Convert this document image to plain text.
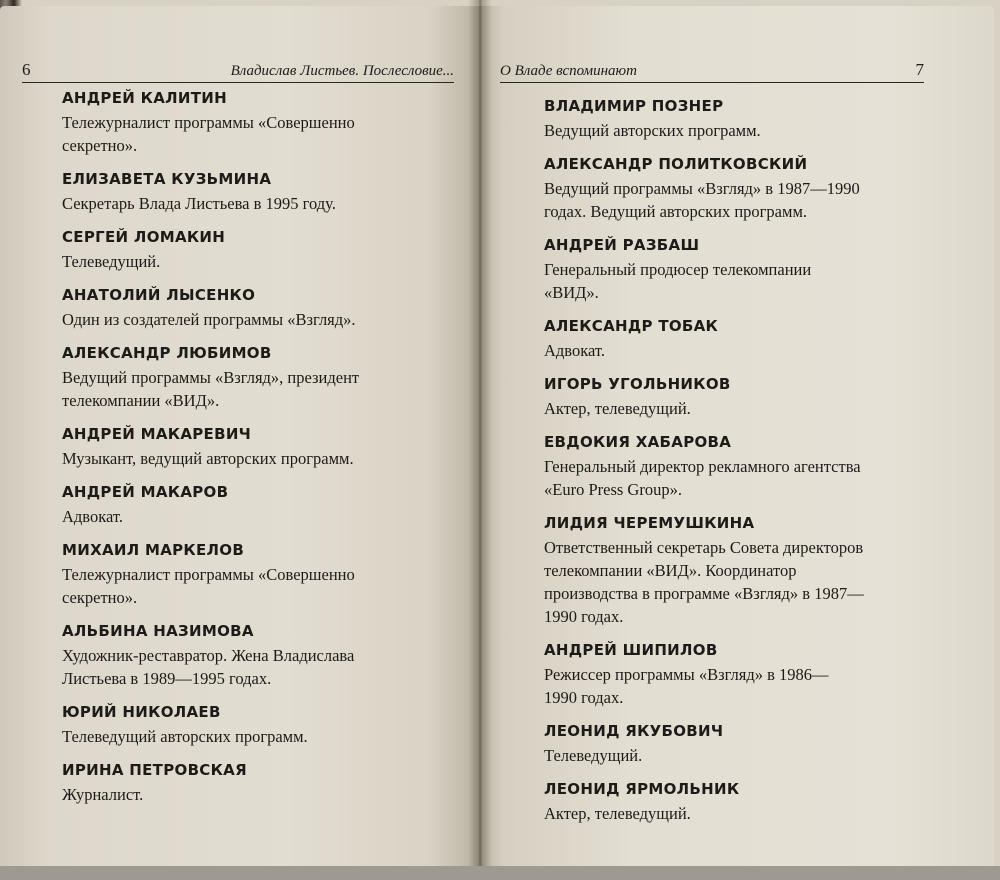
6	Владислав Листьев. Послесловие...
АНДРЕЙ КАЛИТИН
Тележурналист программы «Совершенно
секретно».
ЕЛИЗАВЕТА КУЗЬМИНА
Секретарь Влада Листьева в 1995 году.
СЕРГЕЙ ЛОМАКИН
Телеведущий.
АНАТОЛИЙ ЛЫСЕНКО
Один из создателей программы «Взгляд».
АЛЕКСАНДР ЛЮБИМОВ
Ведущий программы «Взгляд», президент
телекомпании «ВИД».
АНДРЕЙ МАКАРЕВИЧ
Музыкант, ведущий авторских программ.
АНДРЕЙ МАКАРОВ
Адвокат.
МИХАИЛ МАРКЕЛОВ
Тележурналист программы «Совершенно
секретно».
АЛЬБИНА НАЗИМОВА
Художник-реставратор. Жена Владислава
Листьева в 1989—1995 годах.
ЮРИЙ НИКОЛАЕВ
Телеведущий авторских программ.
ИРИНА ПЕТРОВСКАЯ
Журналист.
О Владе вспоминают	7
ВЛАДИМИР ПОЗНЕР
Ведущий авторских программ.
АЛЕКСАНДР ПОЛИТКОВСКИЙ
Ведущий программы «Взгляд» в 1987—1990
годах. Ведущий авторских программ.
АНДРЕЙ РАЗБАШ
Генеральный продюсер телекомпании
«ВИД».
АЛЕКСАНДР ТОБАК
Адвокат.
ИГОРЬ УГОЛЬНИКОВ
Актер, телеведущий.
ЕВДОКИЯ ХАБАРОВА
Генеральный директор рекламного агентства
«Euro Press Group».
ЛИДИЯ ЧЕРЕМУШКИНА
Ответственный секретарь Совета директоров
телекомпании «ВИД». Координатор
производства в программе «Взгляд» в 1987—
1990 годах.
АНДРЕЙ ШИПИЛОВ
Режиссер программы «Взгляд» в 1986—
1990 годах.
ЛЕОНИД ЯКУБОВИЧ
Телеведущий.
ЛЕОНИД ЯРМОЛЬНИК
Актер, телеведущий.
